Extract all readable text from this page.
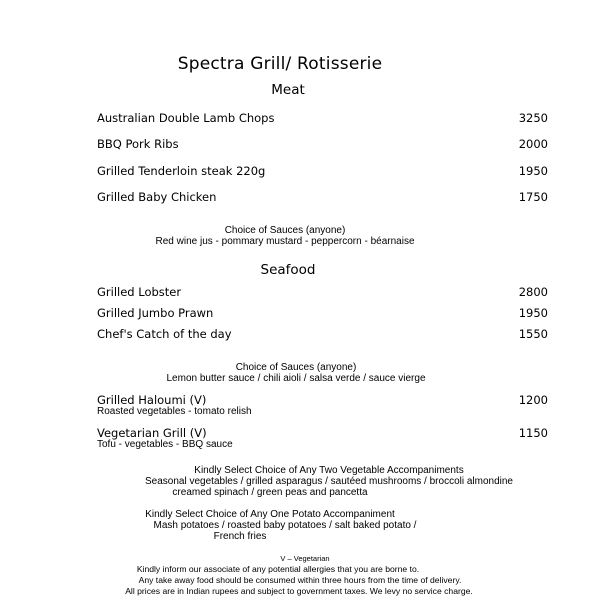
Spectra Grill/ Rotisserie
Meat
Australian Double Lamb Chops	3250
BBQ Pork Ribs	2000
Grilled Tenderloin steak 220g	1950
Grilled Baby Chicken	1750
Choice of Sauces (anyone)
Red wine jus - pommary mustard - peppercorn - béarnaise
Seafood
Grilled Lobster	2800
Grilled Jumbo Prawn	1950
Chef's Catch of the day	1550
Choice of Sauces (anyone)
Lemon butter sauce / chili aioli / salsa verde / sauce vierge
Grilled Haloumi (V)	1200
Roasted vegetables - tomato relish
Vegetarian Grill (V)	1150
Tofu - vegetables - BBQ sauce
Kindly Select Choice of Any Two Vegetable Accompaniments
Seasonal vegetables / grilled asparagus / sautéed mushrooms / broccoli almondine
creamed spinach / green peas and pancetta
Kindly Select Choice of Any One Potato Accompaniment
Mash potatoes / roasted baby potatoes / salt baked potato /
French fries
V – Vegetarian
Kindly inform our associate of any potential allergies that you are borne to.
Any take away food should be consumed within three hours from the time of delivery.
All prices are in Indian rupees and subject to government taxes. We levy no service charge.
